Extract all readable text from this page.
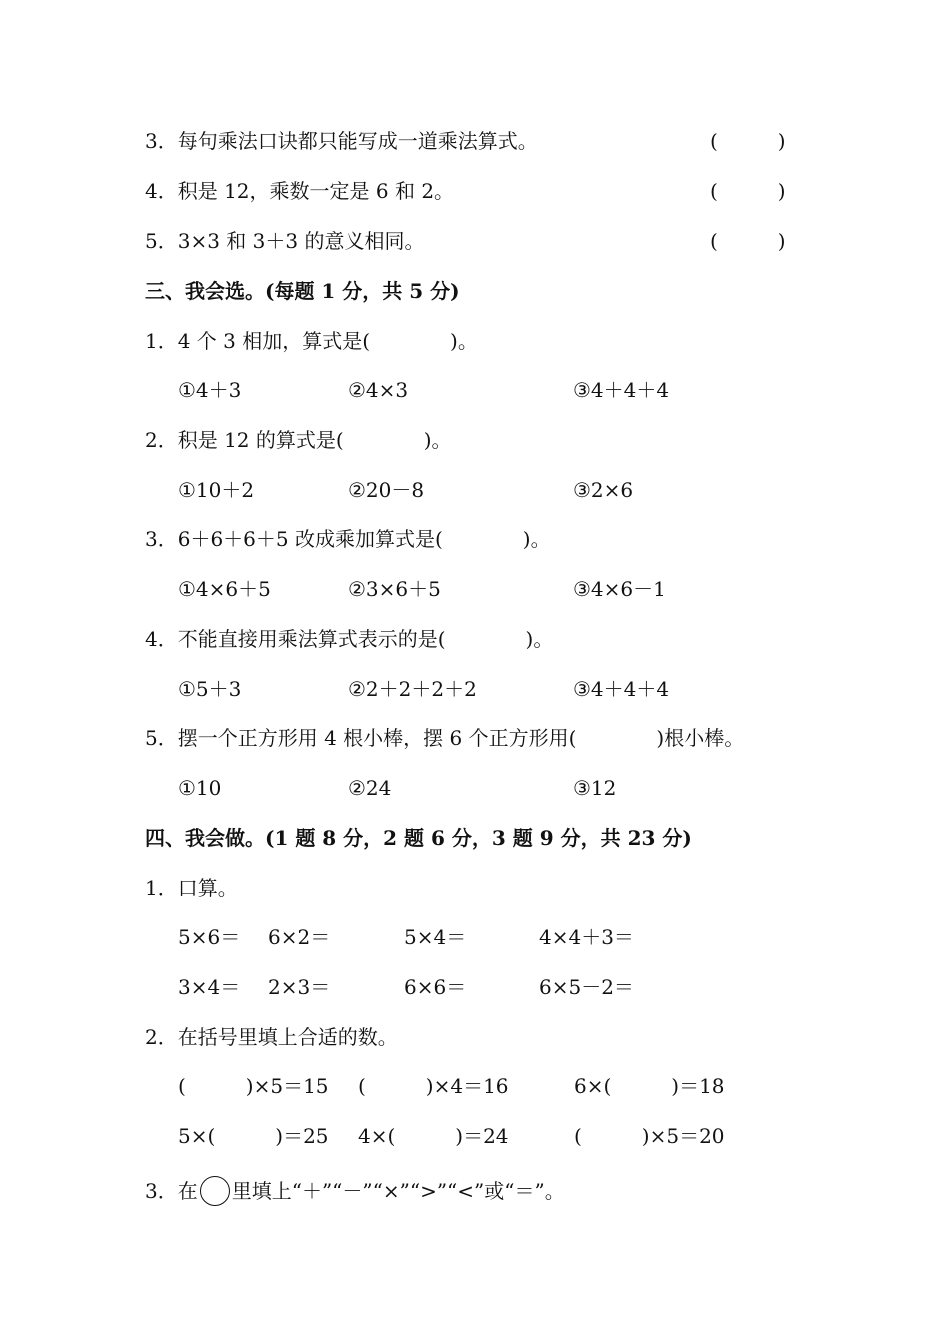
3．每句乘法口诀都只能写成一道乘法算式。	(　　　)
4．积是 12，乘数一定是 6 和 2。	(　　　)
5．3×3 和 3＋3 的意义相同。	(　　　)
三、我会选。(每题 1 分，共 5 分)
1．4 个 3 相加，算式是(　　　　)。
①4＋3	②4×3	③4＋4＋4
2．积是 12 的算式是(　　　　)。
①10＋2	②20－8	③2×6
3．6＋6＋6＋5 改成乘加算式是(　　　　)。
①4×6＋5	②3×6＋5	③4×6－1
4．不能直接用乘法算式表示的是(　　　　)。
①5＋3	②2＋2＋2＋2	③4＋4＋4
5．摆一个正方形用 4 根小棒，摆 6 个正方形用(　　　　)根小棒。
①10	②24	③12
四、我会做。(1 题 8 分，2 题 6 分，3 题 9 分，共 23 分)
1．口算。
5×6＝ 6×2＝	5×4＝	4×4＋3＝
3×4＝ 2×3＝	6×6＝	6×5－2＝
2．在括号里填上合适的数。
(　　　)×5＝15 (　　　)×4＝16	6×(　　　)＝18
5×(　　　)＝25 4×(　　　)＝24	(　　　)×5＝20
3．在 里填上“＋”“－”“×”“>”“<”或“＝”。
